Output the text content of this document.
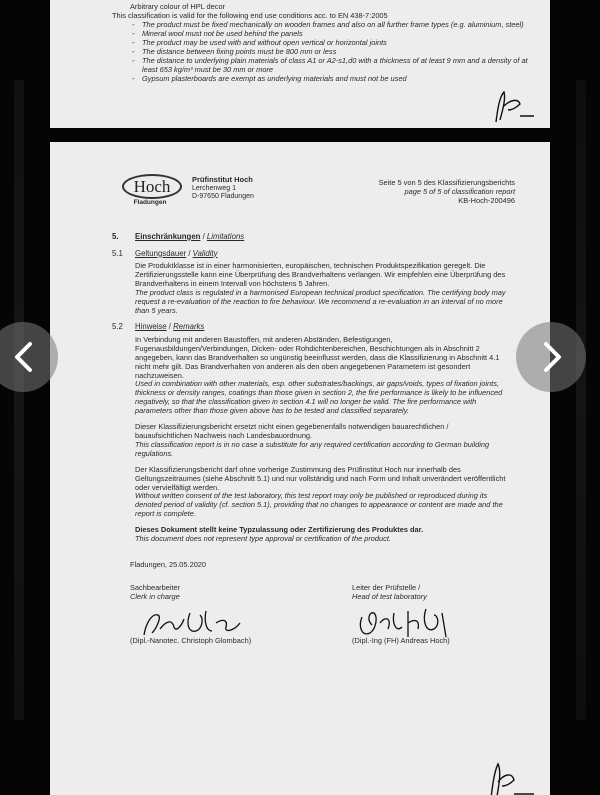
Arbitrary colour of HPL decor
This classification is valid for the following end use conditions acc. to EN 438-7:2005
- The product must be fixed mechanically on wooden frames and also on all further frame types (e.g. aluminium, steel)
- Mineral wool must not be used behind the panels
- The product may be used with and without open vertical or horizontal joints
- The distance between fixing points must be 800 mm or less
- The distance to underlying plain materials of class A1 or A2-s1,d0 with a thickness of at least 9 mm and a density of at least 653 kg/m³ must be 30 mm or more
- Gypsum plasterboards are exempt as underlying materials and must not be used
Hoch
Fladungen
Prüfinstitut Hoch
Lerchenweg 1
D-97650 Fladungen
Seite 5 von 5 des Klassifizierungsberichts
page 5 of 5 of classification report
KB-Hoch-200496
5. Einschränkungen / Limitations
5.1 Geltungsdauer / Validity
Die Produktklasse ist in einer harmonisierten, europäischen, technischen Produktspezifikation geregelt. Die Zertifizierungsstelle kann eine Überprüfung des Brandverhaltens verlangen. Wir empfehlen eine Überprüfung des Brandverhaltens in einem Intervall von höchstens 5 Jahren.
The product class is regulated in a harmonised European technical product specification. The certifying body may request a re-evaluation of the reaction to fire behaviour. We recommend a re-evaluation in an interval of no more than 5 years.
5.2 Hinweise / Remarks
In Verbindung mit anderen Baustoffen, mit anderen Abständen, Befestigungen, Fugenausbildungen/Verbindungen, Dicken- oder Rohdichtenbereichen, Beschichtungen als in Abschnitt 2 angegeben, kann das Brandverhalten so ungünstig beeinflusst werden, dass die Klassifizierung in Abschnitt 4.1 nicht mehr gilt. Das Brandverhalten von anderen als den oben angegebenen Parametern ist gesondert nachzuweisen.
Used in combination with other materials, esp. other substrates/backings, air gaps/voids, types of fixation joints, thickness or density ranges, coatings than those given in section 2, the fire performance is likely to be influenced negatively, so that the classification given in section 4.1 will no longer be valid. The fire performance with parameters other than those given above has to be tested and classified separately.
Dieser Klassifizierungsbericht ersetzt nicht einen gegebenenfalls notwendigen bauarechtlichen / bauaufsichtlichen Nachweis nach Landesbauordnung.
This classification report is in no case a substitute for any required certification according to German building regulations.
Der Klassifizierungsbericht darf ohne vorherige Zustimmung des Prüfinstitut Hoch nur innerhalb des Geltungszeitraumes (siehe Abschnitt 5.1) und nur vollständig und nach Form und Inhalt unverändert veröffentlicht oder vervielfältigt werden.
Without written consent of the test laboratory, this test report may only be published or reproduced during its denoted period of validity (cf. section 5.1), providing that no changes to appearance or content are made and the report is complete.
Dieses Dokument stellt keine Typzulassung oder Zertifizierung des Produktes dar.
This document does not represent type approval or certification of the product.
Fladungen, 25.05.2020
Sachbearbeiter
Clerk in charge
(Dipl.-Nanotec. Christoph Glombach)
Leiter der Prüfstelle /
Head of test laboratory
(Dipl.-Ing (FH) Andreas Hoch)
